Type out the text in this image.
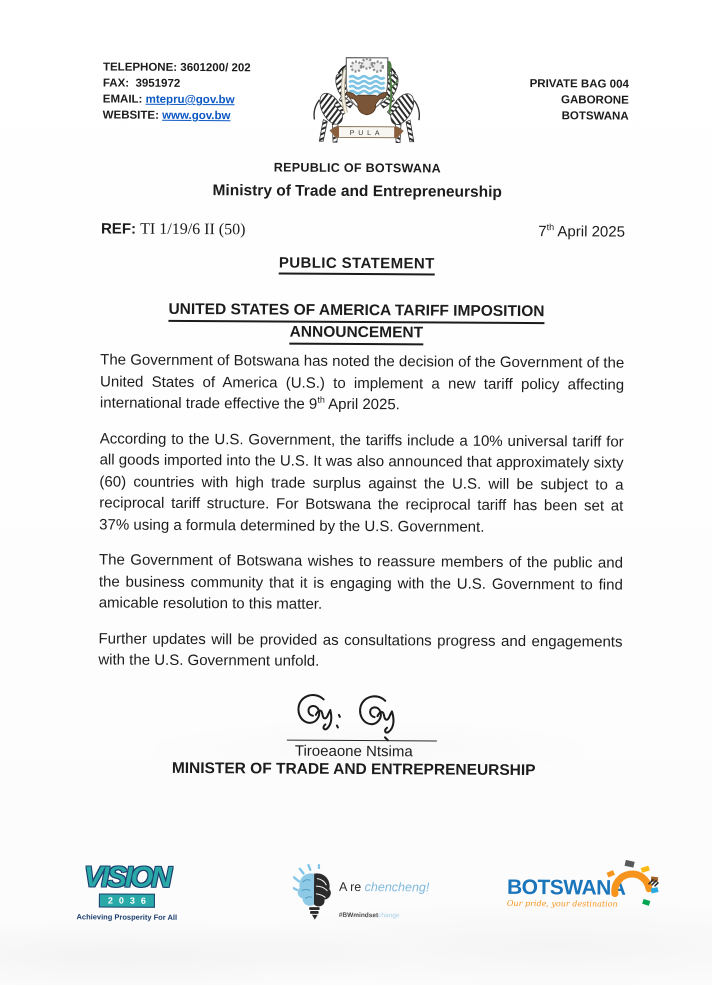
TELEPHONE: 3601200/ 202
FAX: 3951972
EMAIL: mtepru@gov.bw
WEBSITE: www.gov.bw
PRIVATE BAG 004
GABORONE
BOTSWANA
PULA
REPUBLIC OF BOTSWANA
Ministry of Trade and Entrepreneurship
REF: TI 1/19/6 II (50)	7th April 2025
PUBLIC STATEMENT
UNITED STATES OF AMERICA TARIFF IMPOSITION
ANNOUNCEMENT

The Government of Botswana has noted the decision of the Government of the United States of America (U.S.) to implement a new tariff policy affecting international trade effective the 9th April 2025.

According to the U.S. Government, the tariffs include a 10% universal tariff for all goods imported into the U.S. It was also announced that approximately sixty (60) countries with high trade surplus against the U.S. will be subject to a reciprocal tariff structure. For Botswana the reciprocal tariff has been set at 37% using a formula determined by the U.S. Government.

The Government of Botswana wishes to reassure members of the public and the business community that it is engaging with the U.S. Government to find amicable resolution to this matter.

Further updates will be provided as consultations progress and engagements with the U.S. Government unfold.

Tiroeaone Ntsima
MINISTER OF TRADE AND ENTREPRENEURSHIP
VISION
2036
Achieving Prosperity For All
A re chencheng!
#BWmindsetchange
BOTSWANA
Our pride, your destination
